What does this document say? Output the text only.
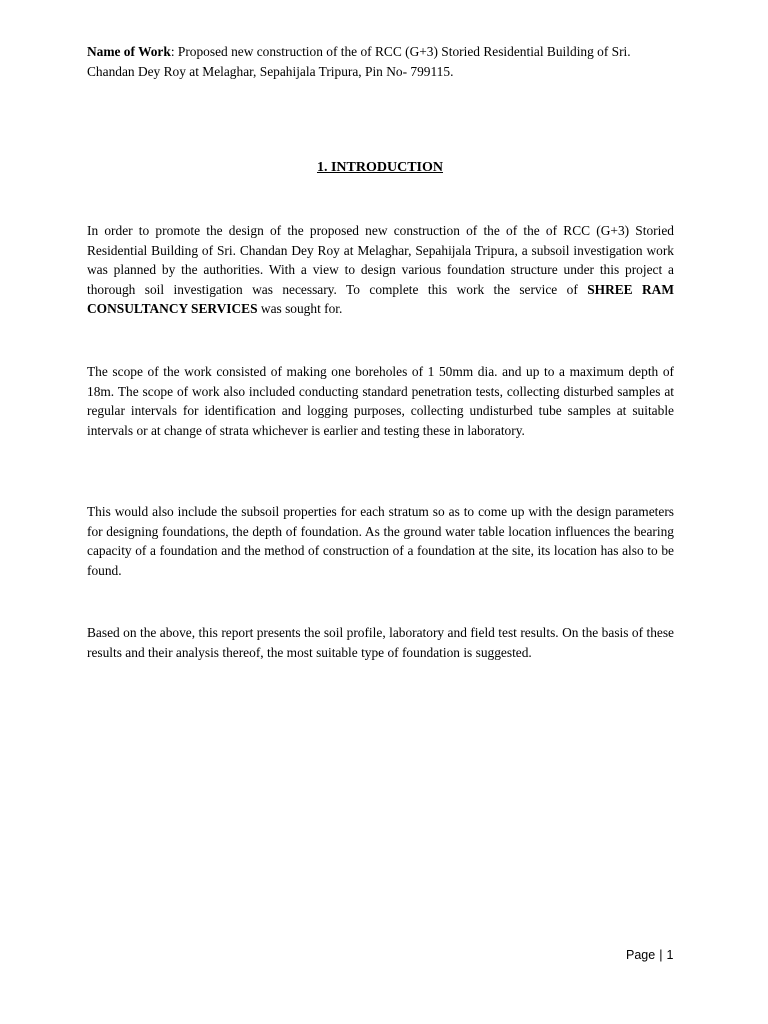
Name of Work: Proposed new construction of the of RCC (G+3) Storied Residential Building of Sri. Chandan Dey Roy at Melaghar, Sepahijala Tripura, Pin No- 799115.
1. INTRODUCTION

In order to promote the design of the proposed new construction of the of the of RCC (G+3) Storied Residential Building of Sri. Chandan Dey Roy at Melaghar, Sepahijala Tripura, a subsoil investigation work was planned by the authorities. With a view to design various foundation structure under this project a thorough soil investigation was necessary. To complete this work the service of SHREE RAM CONSULTANCY SERVICES was sought for.

The scope of the work consisted of making one boreholes of 1 50mm dia. and up to a maximum depth of 18m. The scope of work also included conducting standard penetration tests, collecting disturbed samples at regular intervals for identification and logging purposes, collecting undisturbed tube samples at suitable intervals or at change of strata whichever is earlier and testing these in laboratory.

This would also include the subsoil properties for each stratum so as to come up with the design parameters for designing foundations, the depth of foundation. As the ground water table location influences the bearing capacity of a foundation and the method of construction of a foundation at the site, its location has also to be found.

Based on the above, this report presents the soil profile, laboratory and field test results. On the basis of these results and their analysis thereof, the most suitable type of foundation is suggested.

Page | 1
